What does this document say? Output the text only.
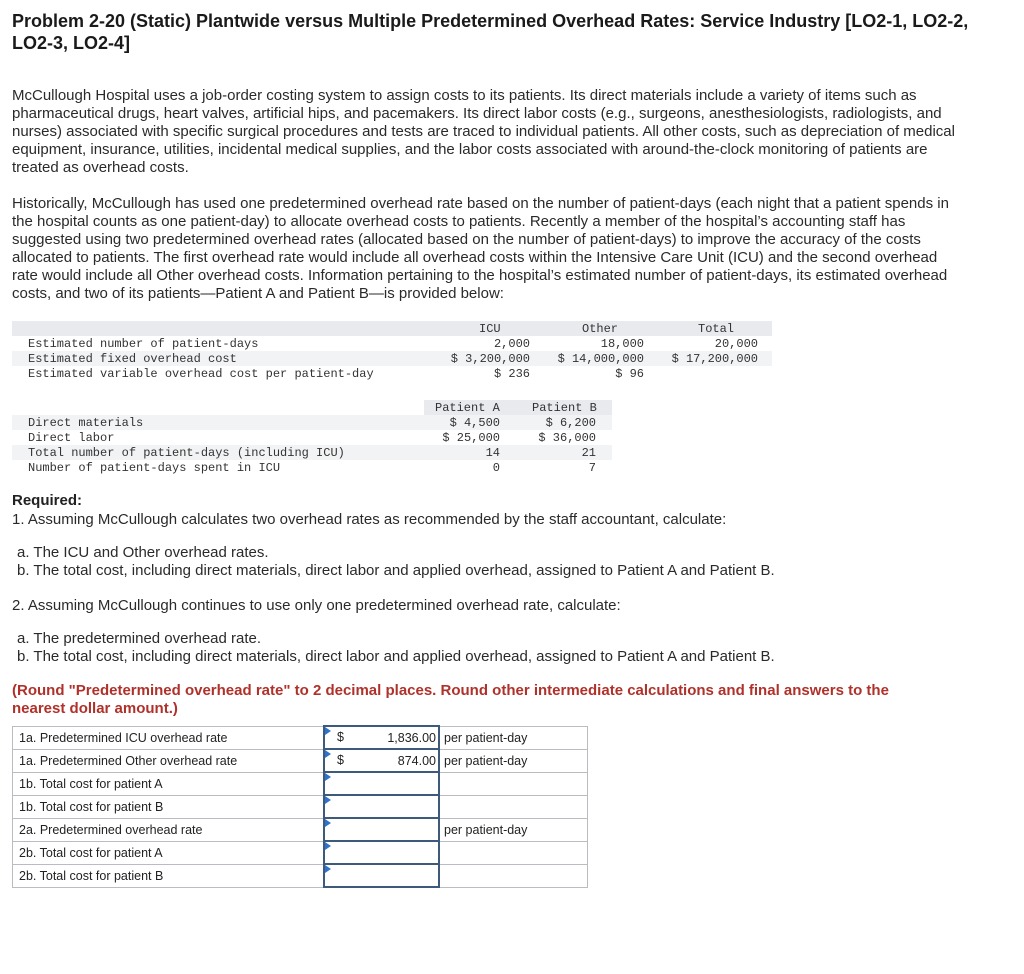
Problem 2-20 (Static) Plantwide versus Multiple Predetermined Overhead Rates: Service Industry [LO2-1, LO2-2, LO2-3, LO2-4]

McCullough Hospital uses a job-order costing system to assign costs to its patients. Its direct materials include a variety of items such as pharmaceutical drugs, heart valves, artificial hips, and pacemakers. Its direct labor costs (e.g., surgeons, anesthesiologists, radiologists, and nurses) associated with specific surgical procedures and tests are traced to individual patients. All other costs, such as depreciation of medical equipment, insurance, utilities, incidental medical supplies, and the labor costs associated with around-the-clock monitoring of patients are treated as overhead costs.

Historically, McCullough has used one predetermined overhead rate based on the number of patient-days (each night that a patient spends in the hospital counts as one patient-day) to allocate overhead costs to patients. Recently a member of the hospital’s accounting staff has suggested using two predetermined overhead rates (allocated based on the number of patient-days) to improve the accuracy of the costs allocated to patients. The first overhead rate would include all overhead costs within the Intensive Care Unit (ICU) and the second overhead rate would include all Other overhead costs. Information pertaining to the hospital’s estimated number of patient-days, its estimated overhead costs, and two of its patients—Patient A and Patient B—is provided below:

ICU	Other	Total
Estimated number of patient-days	2,000	18,000	20,000
Estimated fixed overhead cost	$ 3,200,000 $ 14,000,000 $ 17,200,000
Estimated variable overhead cost per patient-day	$ 236	$ 96
Patient A	Patient B
Direct materials	$ 4,500	$ 6,200
Direct labor	$ 25,000	$ 36,000
Total number of patient-days (including ICU)	14	21
Number of patient-days spent in ICU	0	7

Required:

1. Assuming McCullough calculates two overhead rates as recommended by the staff accountant, calculate:

a. The ICU and Other overhead rates.

b. The total cost, including direct materials, direct labor and applied overhead, assigned to Patient A and Patient B.

2. Assuming McCullough continues to use only one predetermined overhead rate, calculate:

a. The predetermined overhead rate.

b. The total cost, including direct materials, direct labor and applied overhead, assigned to Patient A and Patient B.

(Round "Predetermined overhead rate" to 2 decimal places. Round other intermediate calculations and final answers to the nearest dollar amount.)

1a. Predetermined ICU overhead rate	$ 1,836.00	per patient-day
1a. Predetermined Other overhead rate	$ 874.00	per patient-day
1b. Total cost for patient A	

1b. Total cost for patient B	

2a. Predetermined overhead rate		per patient-day
2b. Total cost for patient A	

2b. Total cost for patient B	
